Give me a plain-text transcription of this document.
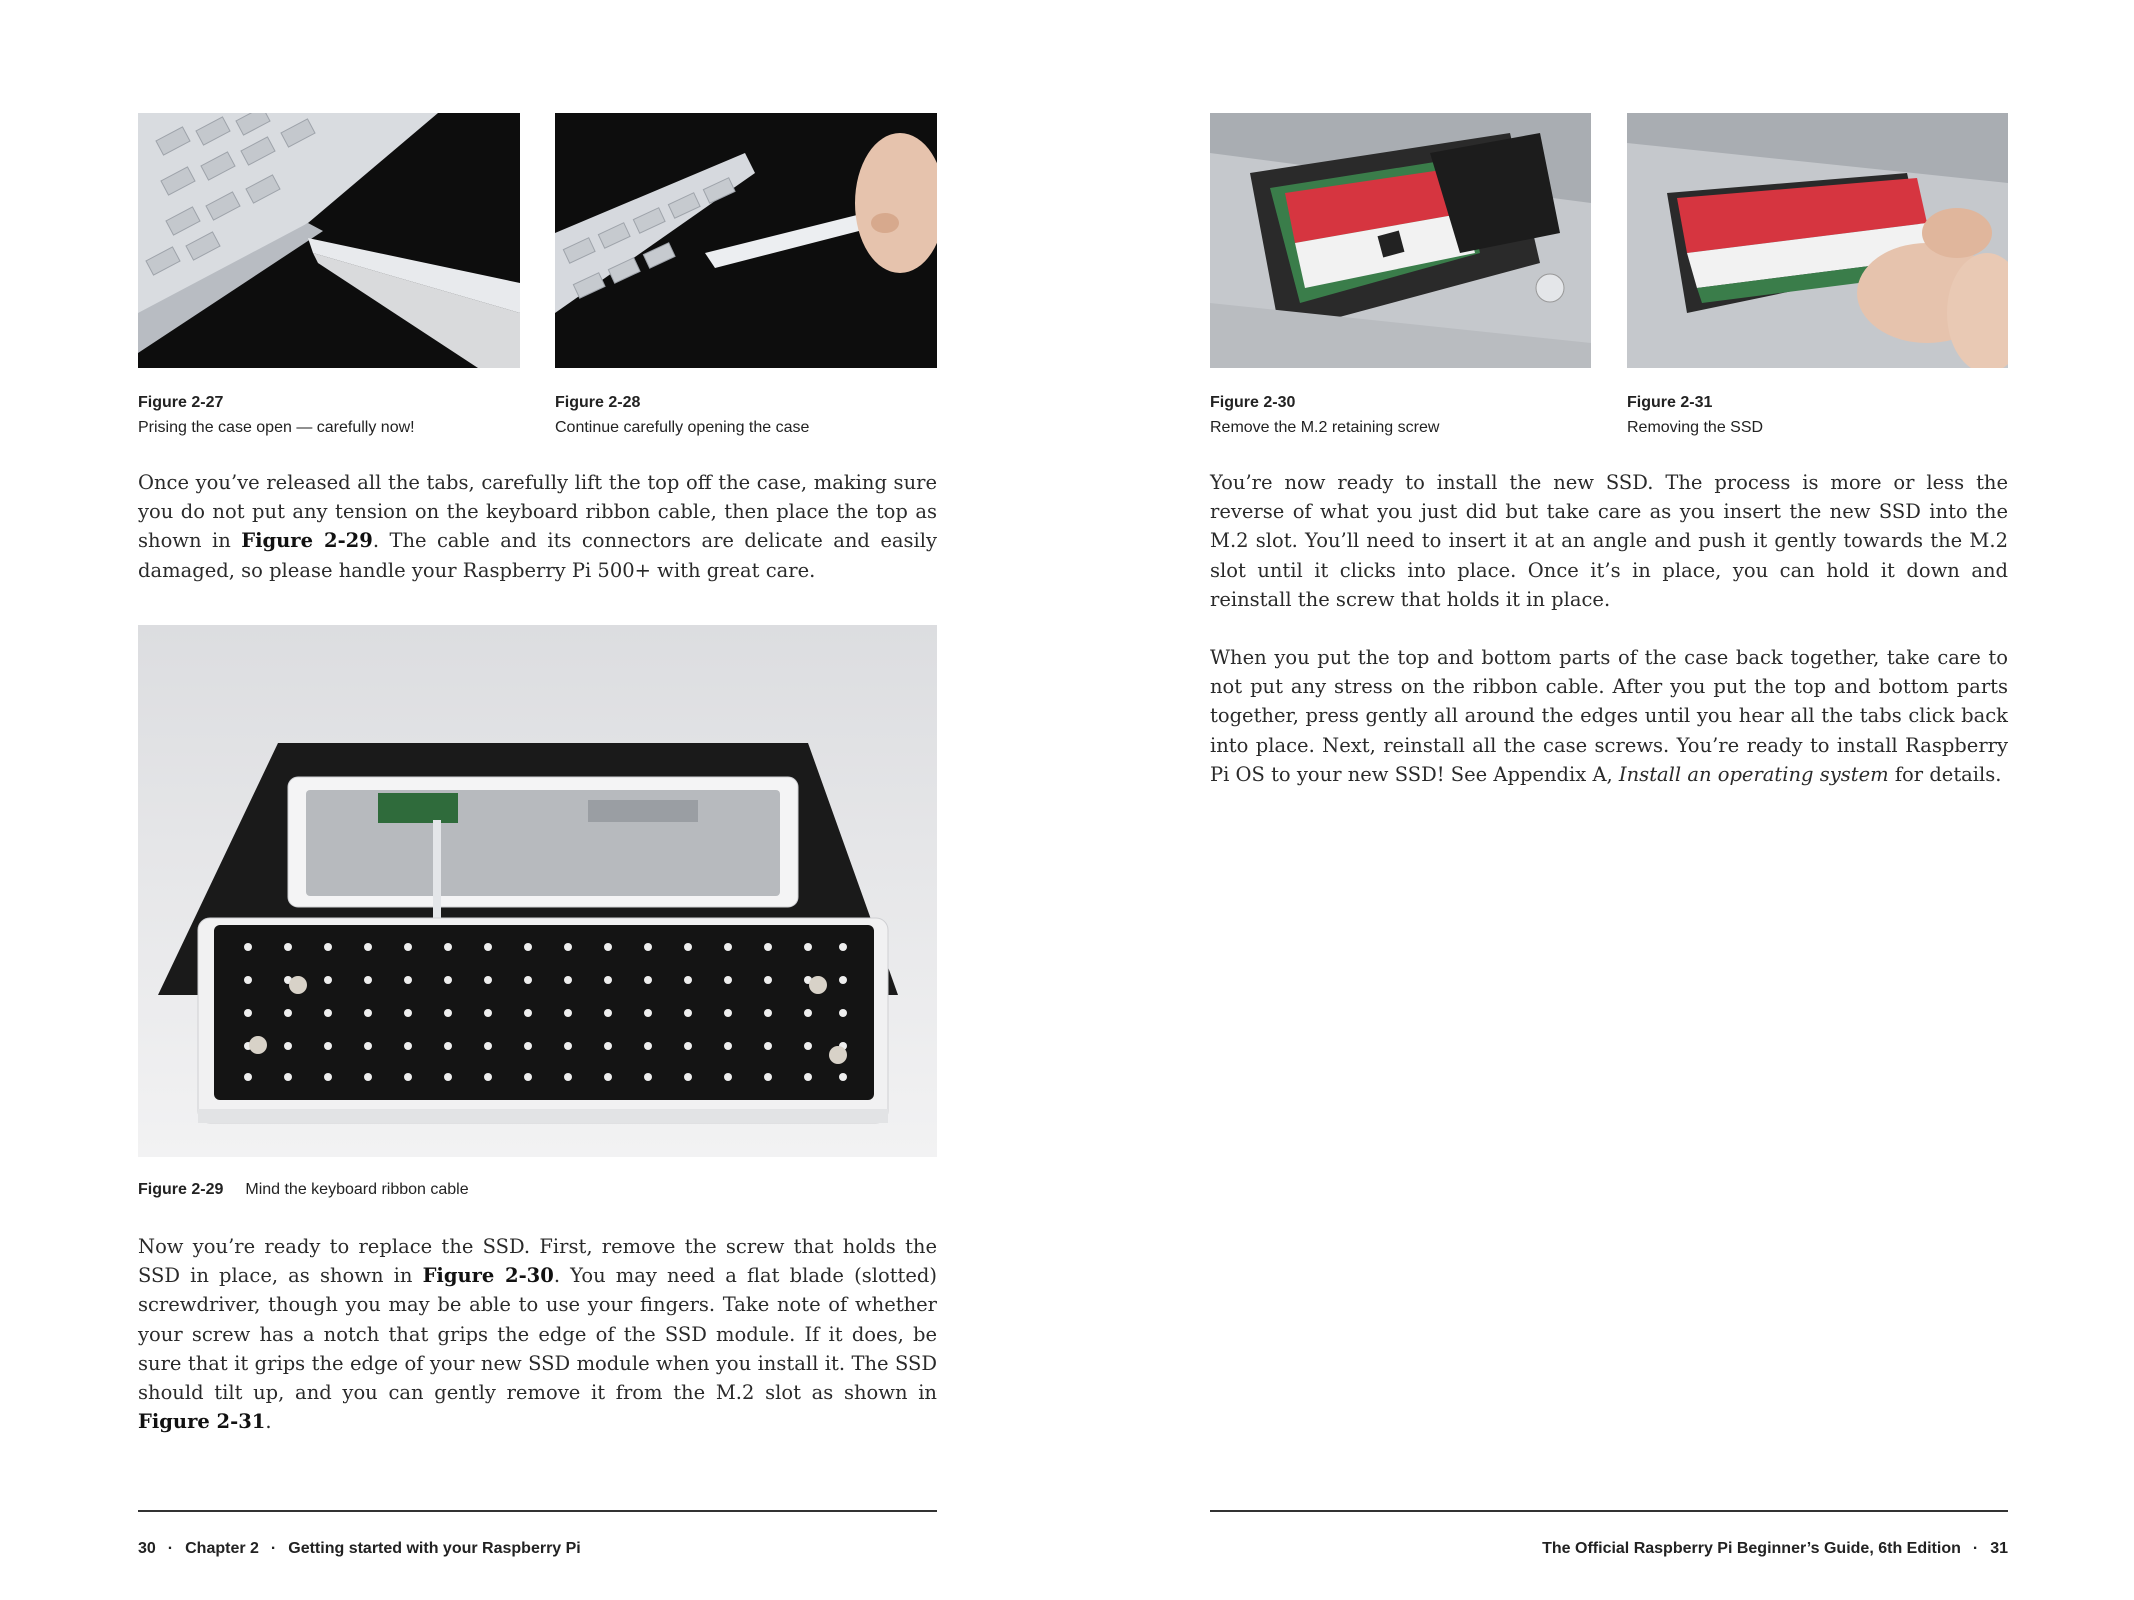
Figure 2-27
Prising the case open — carefully now!
Figure 2-28
Continue carefully opening the case

Once you’ve released all the tabs, carefully lift the top off the case, making sure you do not put any tension on the keyboard ribbon cable, then place the top as shown in Figure 2-29. The cable and its connectors are delicate and easily damaged, so please handle your Raspberry Pi 500+ with great care.

Figure 2-29 Mind the keyboard ribbon cable

Now you’re ready to replace the SSD. First, remove the screw that holds the SSD in place, as shown in Figure 2-30. You may need a flat blade (slotted) screwdriver, though you may be able to use your fingers. Take note of whether your screw has a notch that grips the edge of the SSD module. If it does, be sure that it grips the edge of your new SSD module when you install it. The SSD should tilt up, and you can gently remove it from the M.2 slot as shown in Figure 2-31.

30 · Chapter 2 · Getting started with your Raspberry Pi
Figure 2-30
Remove the M.2 retaining screw
Figure 2-31
Removing the SSD

You’re now ready to install the new SSD. The process is more or less the reverse of what you just did but take care as you insert the new SSD into the M.2 slot. You’ll need to insert it at an angle and push it gently towards the M.2 slot until it clicks into place. Once it’s in place, you can hold it down and reinstall the screw that holds it in place.

When you put the top and bottom parts of the case back together, take care to not put any stress on the ribbon cable. After you put the top and bottom parts together, press gently all around the edges until you hear all the tabs click back into place. Next, reinstall all the case screws. You’re ready to install Raspberry Pi OS to your new SSD! See Appendix A, Install an operating system for details.

The Official Raspberry Pi Beginner’s Guide, 6th Edition · 31
